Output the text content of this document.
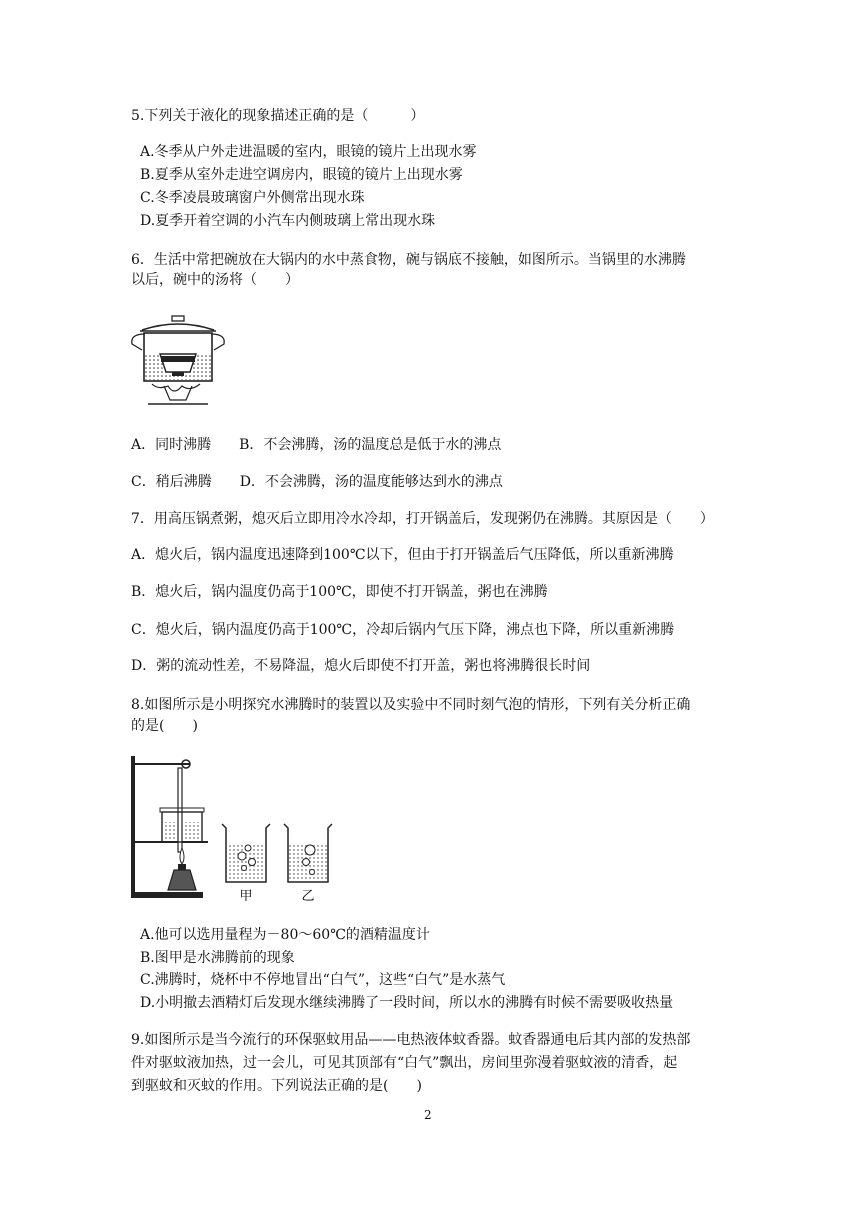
5.下列关于液化的现象描述正确的是（　　　）
A.冬季从户外走进温暖的室内，眼镜的镜片上出现水雾
B.夏季从室外走进空调房内，眼镜的镜片上出现水雾
C.冬季凌晨玻璃窗户外侧常出现水珠
D.夏季开着空调的小汽车内侧玻璃上常出现水珠
6．生活中常把碗放在大锅内的水中蒸食物，碗与锅底不接触，如图所示。当锅里的水沸腾
以后，碗中的汤将（　　）
A．同时沸腾　　B．不会沸腾，汤的温度总是低于水的沸点
C．稍后沸腾　　D．不会沸腾，汤的温度能够达到水的沸点
7．用高压锅煮粥，熄灭后立即用冷水冷却，打开锅盖后，发现粥仍在沸腾。其原因是（　　）
A．熄火后，锅内温度迅速降到100℃以下，但由于打开锅盖后气压降低，所以重新沸腾
B．熄火后，锅内温度仍高于100℃，即使不打开锅盖，粥也在沸腾
C．熄火后，锅内温度仍高于100℃，冷却后锅内气压下降，沸点也下降，所以重新沸腾
D．粥的流动性差，不易降温，熄火后即使不打开盖，粥也将沸腾很长时间
8.如图所示是小明探究水沸腾时的装置以及实验中不同时刻气泡的情形，下列有关分析正确
的是(　　)
甲	乙
A.他可以选用量程为－80～60℃的酒精温度计
B.图甲是水沸腾前的现象
C.沸腾时，烧杯中不停地冒出“白气”，这些“白气”是水蒸气
D.小明撤去酒精灯后发现水继续沸腾了一段时间，所以水的沸腾有时候不需要吸收热量
9.如图所示是当今流行的环保驱蚊用品——电热液体蚊香器。蚊香器通电后其内部的发热部
件对驱蚊液加热，过一会儿，可见其顶部有“白气”飘出，房间里弥漫着驱蚊液的清香，起
到驱蚊和灭蚊的作用。下列说法正确的是(　　)
2
